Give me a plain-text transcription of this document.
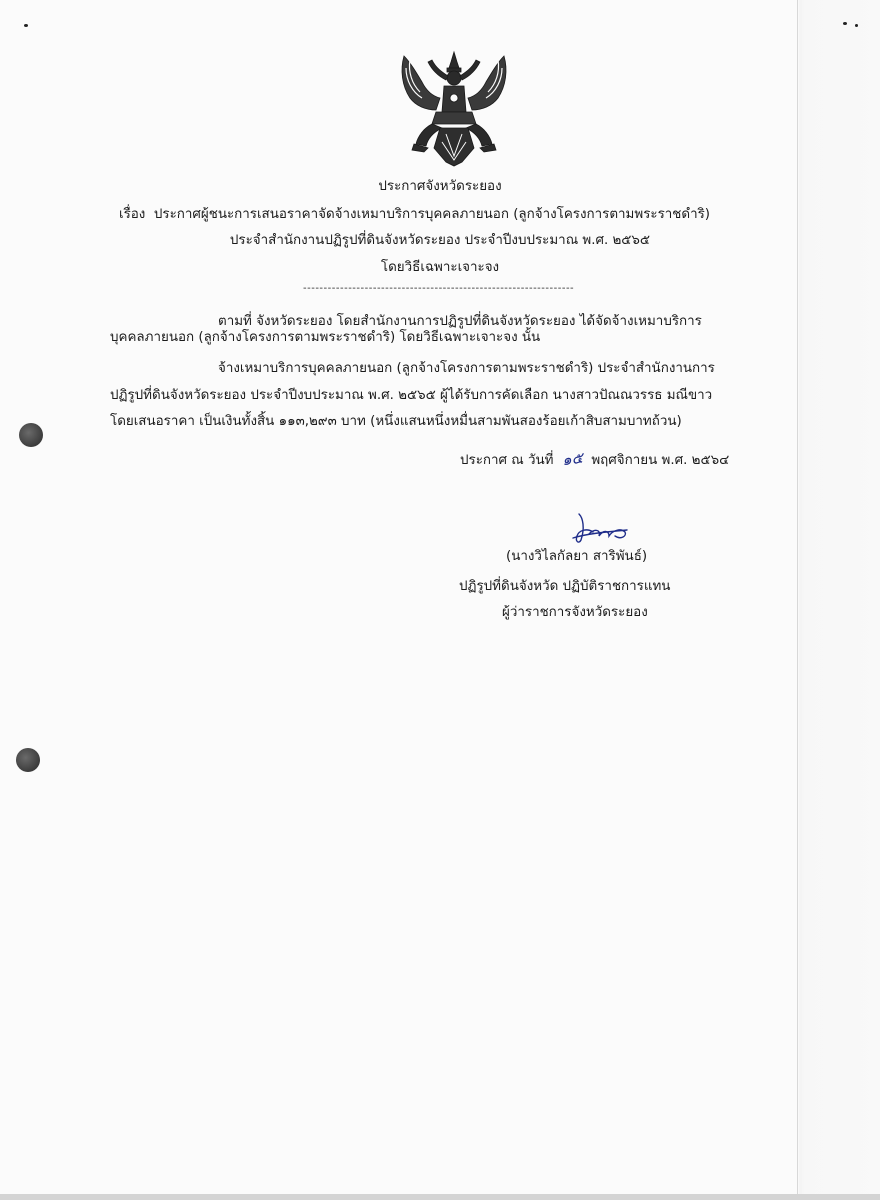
ประกาศจังหวัดระยอง
เรื่อง ประกาศผู้ชนะการเสนอราคาจัดจ้างเหมาบริการบุคคลภายนอก (ลูกจ้างโครงการตามพระราชดำริ)
ประจำสำนักงานปฏิรูปที่ดินจังหวัดระยอง ประจำปีงบประมาณ พ.ศ. ๒๕๖๕
โดยวิธีเฉพาะเจาะจง
------------------------------------------------------------------
ตามที่ จังหวัดระยอง โดยสำนักงานการปฏิรูปที่ดินจังหวัดระยอง ได้จัดจ้างเหมาบริการ
บุคคลภายนอก (ลูกจ้างโครงการตามพระราชดำริ) โดยวิธีเฉพาะเจาะจง นั้น
จ้างเหมาบริการบุคคลภายนอก (ลูกจ้างโครงการตามพระราชดำริ) ประจำสำนักงานการ
ปฏิรูปที่ดินจังหวัดระยอง ประจำปีงบประมาณ พ.ศ. ๒๕๖๕ ผู้ได้รับการคัดเลือก นางสาวปัณณวรรธ มณีขาว
โดยเสนอราคา เป็นเงินทั้งสิ้น ๑๑๓,๒๙๓ บาท (หนึ่งแสนหนึ่งหมื่นสามพันสองร้อยเก้าสิบสามบาทถ้วน)
ประกาศ ณ วันที่ ๑๕ พฤศจิกายน พ.ศ. ๒๕๖๔
(นางวิไลกัลยา สาริพันธ์)
ปฏิรูปที่ดินจังหวัด ปฏิบัติราชการแทน
ผู้ว่าราชการจังหวัดระยอง
